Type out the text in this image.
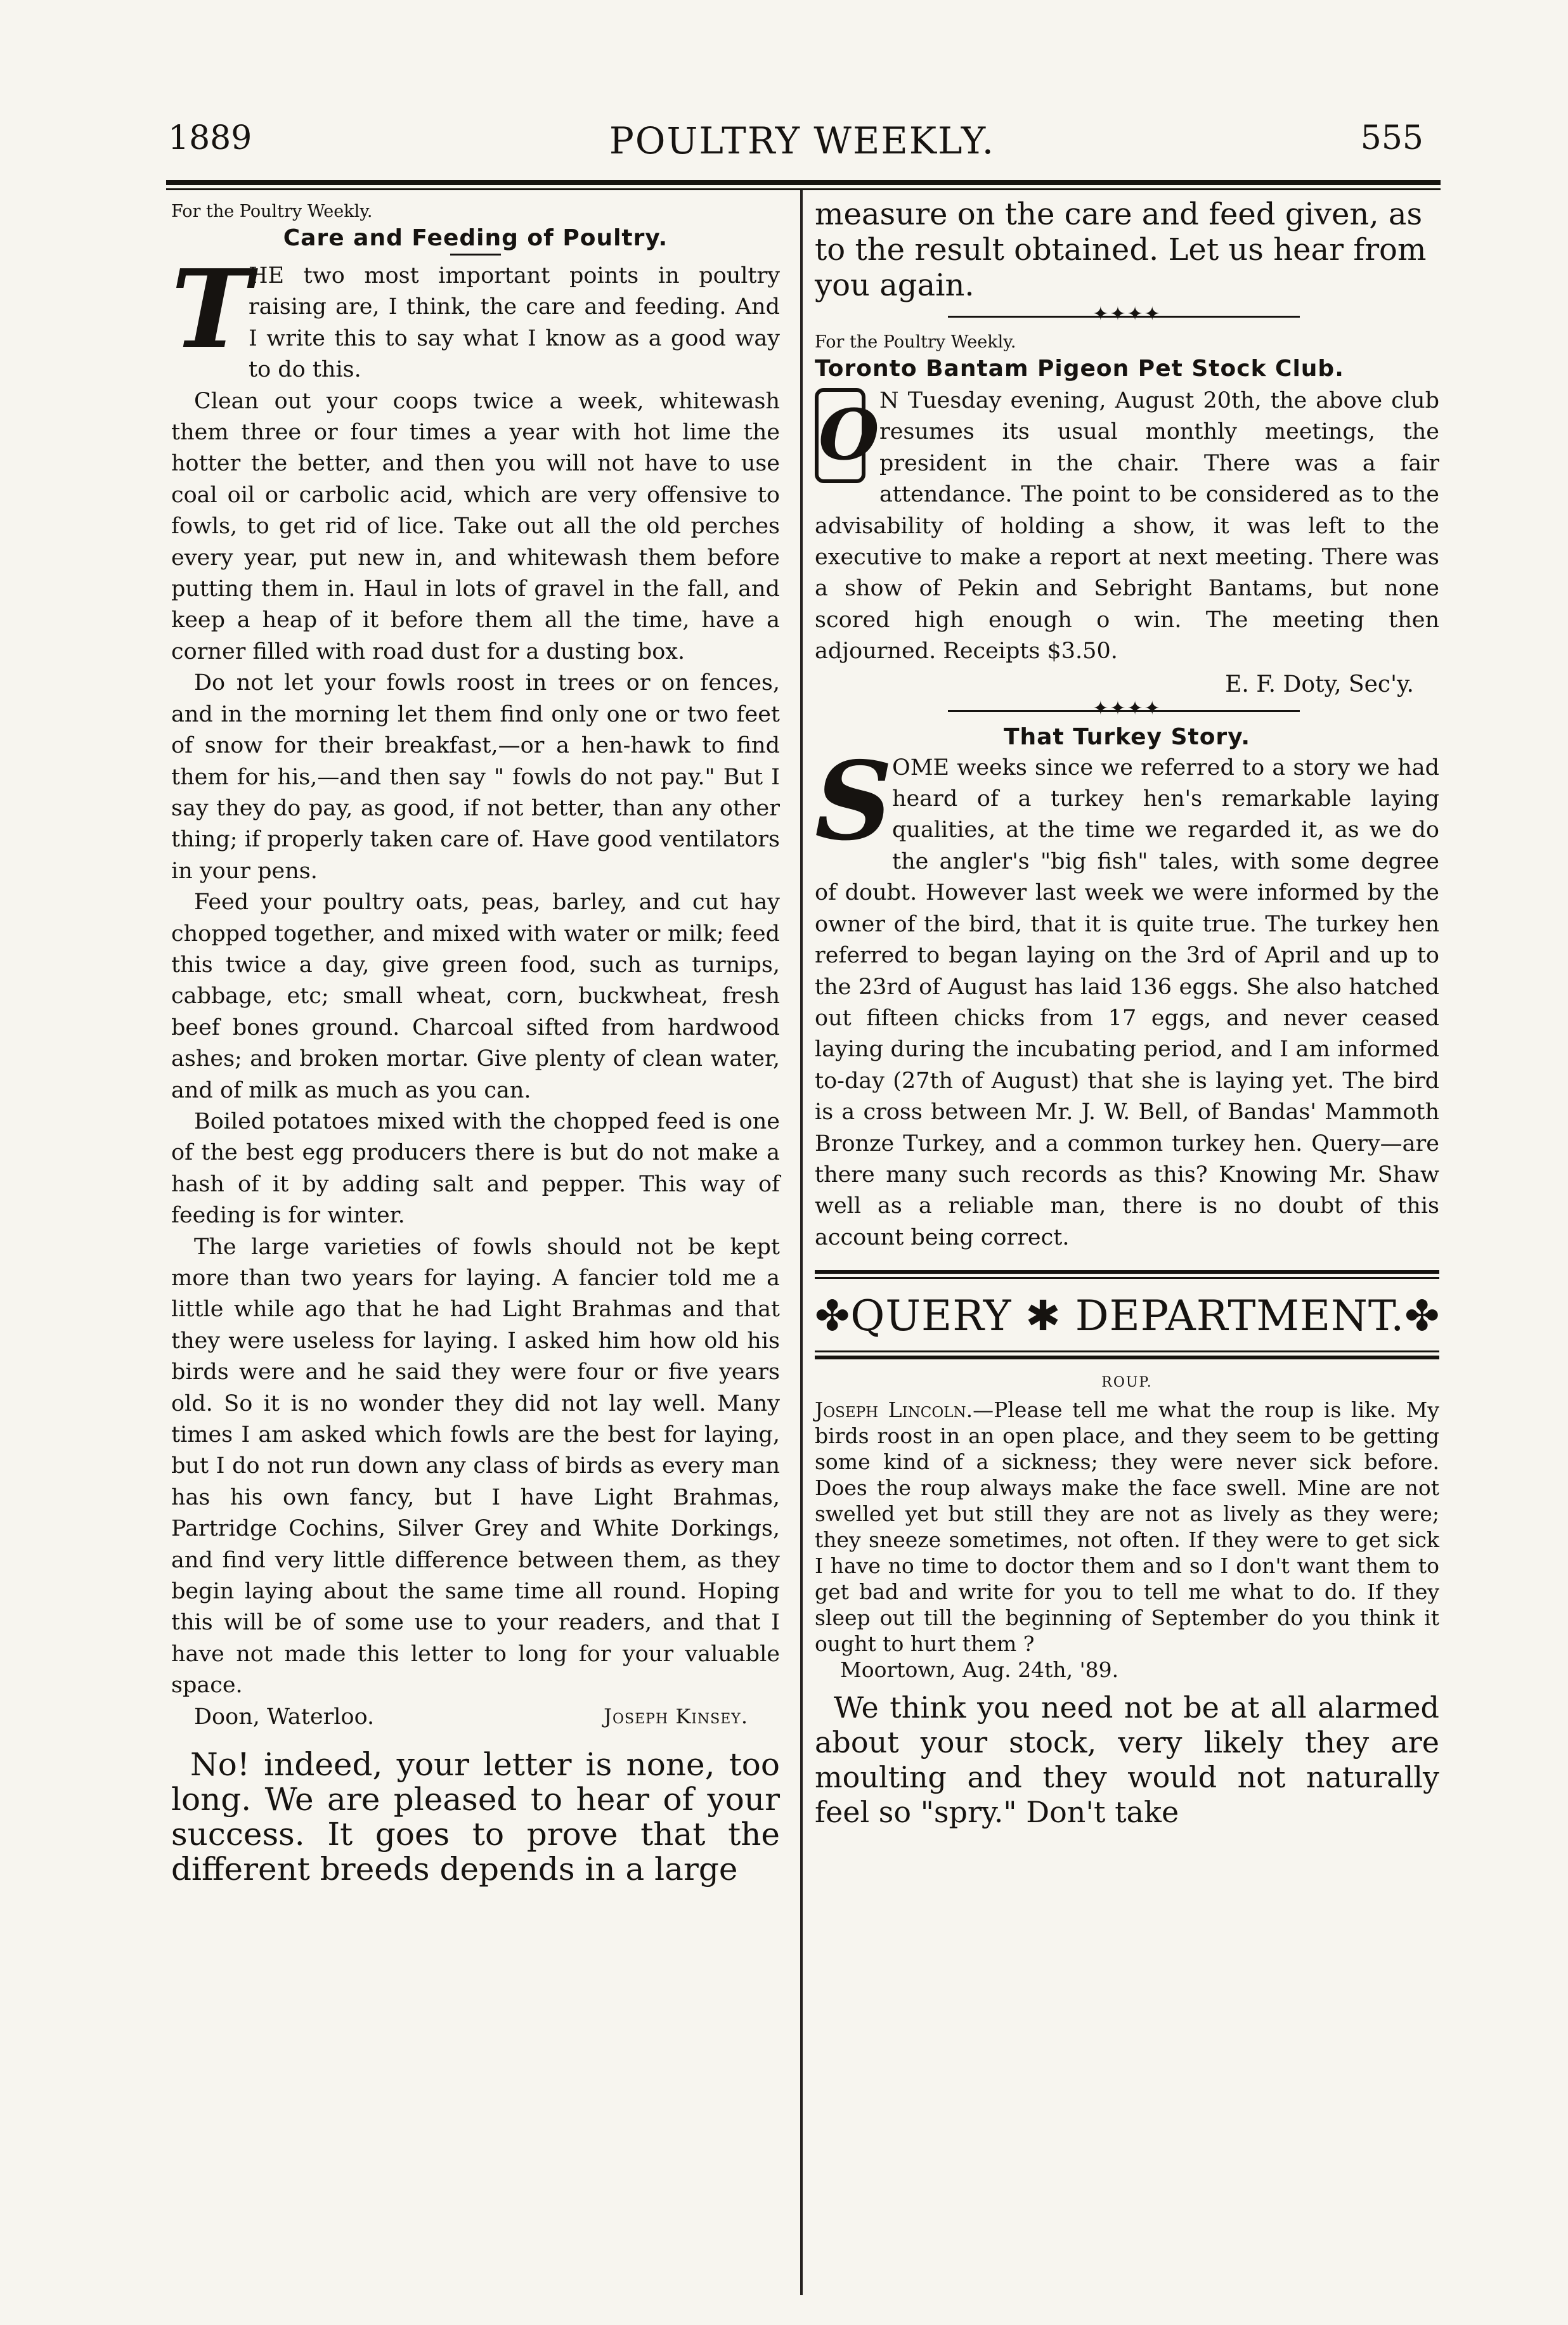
1889	POULTRY WEEKLY.	555
For the Poultry Weekly.
Care and Feeding of Poultry.

T
HE two most important points in poultry raising are, I think, the care and feeding. And I write this to say what I know as a good way to do this.

Clean out your coops twice a week, whitewash them three or four times a year with hot lime the hotter the better, and then you will not have to use coal oil or carbolic acid, which are very offensive to fowls, to get rid of lice. Take out all the old perches every year, put new in, and whitewash them before putting them in. Haul in lots of gravel in the fall, and keep a heap of it before them all the time, have a corner filled with road dust for a dusting box.

Do not let your fowls roost in trees or on fences, and in the morning let them find only one or two feet of snow for their breakfast,—or a hen-hawk to find them for his,—and then say " fowls do not pay." But I say they do pay, as good, if not better, than any other thing; if properly taken care of. Have good ventilators in your pens.

Feed your poultry oats, peas, barley, and cut hay chopped together, and mixed with water or milk; feed this twice a day, give green food, such as turnips, cabbage, etc; small wheat, corn, buckwheat, fresh beef bones ground. Charcoal sifted from hardwood ashes; and broken mortar. Give plenty of clean water, and of milk as much as you can.

Boiled potatoes mixed with the chopped feed is one of the best egg producers there is but do not make a hash of it by adding salt and pepper. This way of feeding is for winter.

The large varieties of fowls should not be kept more than two years for laying. A fancier told me a little while ago that he had Light Brahmas and that they were useless for laying. I asked him how old his birds were and he said they were four or five years old. So it is no wonder they did not lay well. Many times I am asked which fowls are the best for laying, but I do not run down any class of birds as every man has his own fancy, but I have Light Brahmas, Partridge Cochins, Silver Grey and White Dorkings, and find very little difference between them, as they begin laying about the same time all round. Hoping this will be of some use to your readers, and that I have not made this letter to long for your valuable space.

Doon, Waterloo.	Joseph Kinsey.

No! indeed, your letter is none, too long. We are pleased to hear of your success. It goes to prove that the different breeds depends in a large

measure on the care and feed given, as to the result obtained. Let us hear from you again.

✦✦✦✦
For the Poultry Weekly.
Toronto Bantam Pigeon Pet Stock Club.

O N Tuesday evening, August 20th, the above club resumes its usual monthly meetings, the president in the chair. There was a fair attendance. The point to be considered as to the advisability of holding a show, it was left to the executive to make a report at next meeting. There was a show of Pekin and Sebright Bantams, but none scored high enough o win. The meeting then adjourned. Receipts $3.50.

E. F. Doty, Sec'y.
✦✦✦✦
That Turkey Story.

SOME weeks since we referred to a story we had heard of a turkey hen's remarkable laying qualities, at the time we regarded it, as we do the angler's "big fish" tales, with some degree of doubt. However last week we were informed by the owner of the bird, that it is quite true. The turkey hen referred to began laying on the 3rd of April and up to the 23rd of August has laid 136 eggs. She also hatched out fifteen chicks from 17 eggs, and never ceased laying during the incubating period, and I am informed to-day (27th of August) that she is laying yet. The bird is a cross between Mr. J. W. Bell, of Bandas' Mammoth Bronze Turkey, and a common turkey hen. Query—are there many such records as this? Knowing Mr. Shaw well as a reliable man, there is no doubt of this account being correct.

✤QUERY ✱ DEPARTMENT.✤
ROUP.

Joseph Lincoln.—Please tell me what the roup is like. My birds roost in an open place, and they seem to be getting some kind of a sickness; they were never sick before. Does the roup always make the face swell. Mine are not swelled yet but still they are not as lively as they were; they sneeze sometimes, not often. If they were to get sick I have no time to doctor them and so I don't want them to get bad and write for you to tell me what to do. If they sleep out till the beginning of September do you think it ought to hurt them ?

Moortown, Aug. 24th, '89.

We think you need not be at all alarmed about your stock, very likely they are moulting and they would not naturally feel so "spry." Don't take
